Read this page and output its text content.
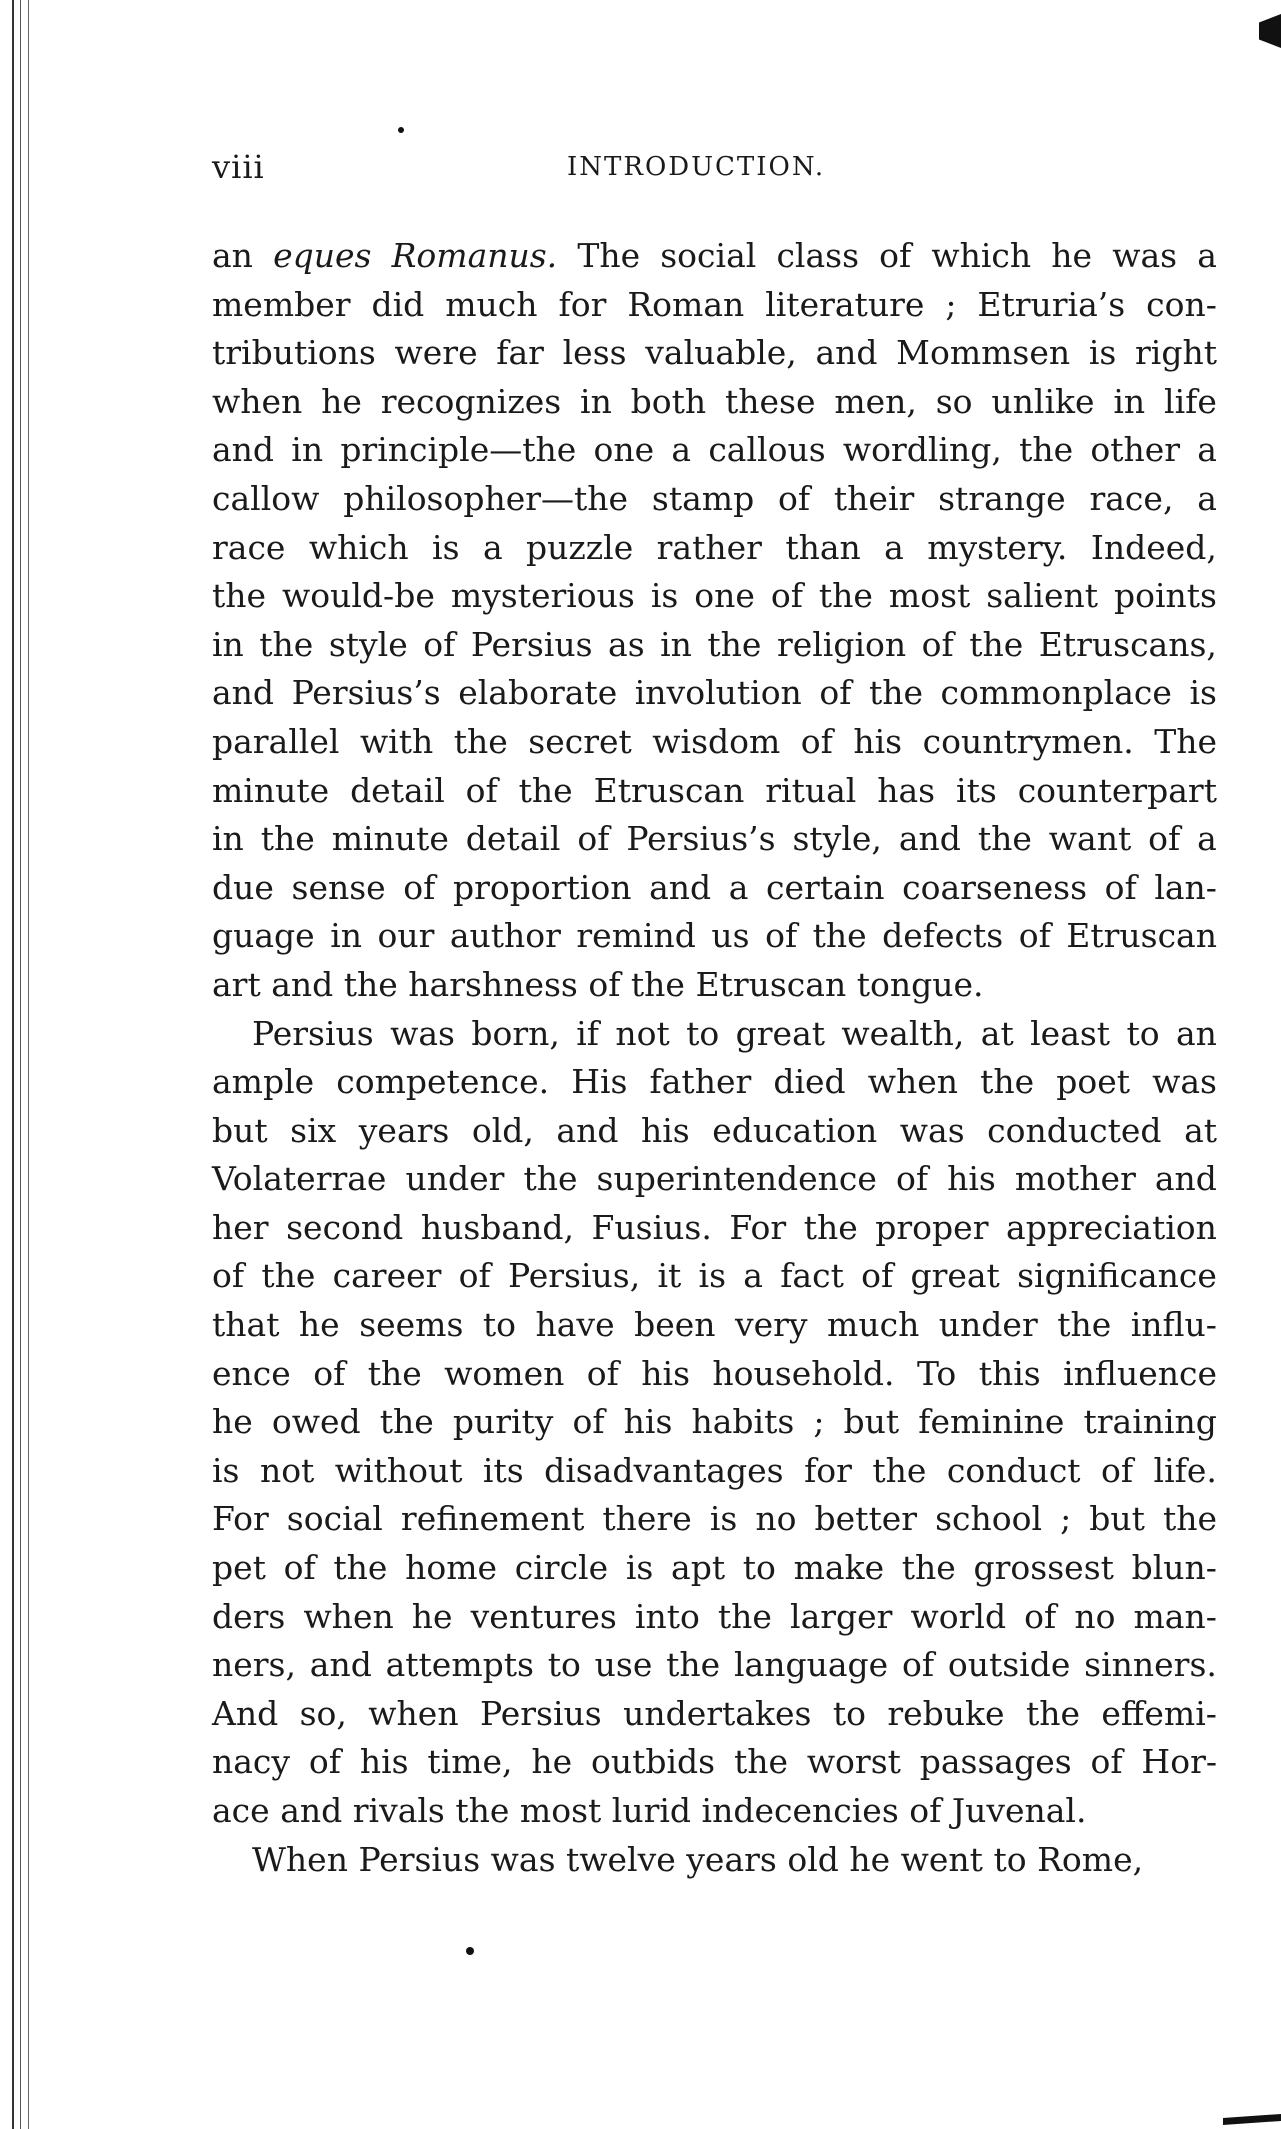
viii	INTRODUCTION.
an eques Romanus. The social class of which he was a
member did much for Roman literature ; Etruria’s con-
tributions were far less valuable, and Mommsen is right
when he recognizes in both these men, so unlike in life
and in principle—the one a callous wordling, the other a
callow philosopher—the stamp of their strange race, a
race which is a puzzle rather than a mystery. Indeed,
the would-be mysterious is one of the most salient points
in the style of Persius as in the religion of the Etruscans,
and Persius’s elaborate involution of the commonplace is
parallel with the secret wisdom of his countrymen. The
minute detail of the Etruscan ritual has its counterpart
in the minute detail of Persius’s style, and the want of a
due sense of proportion and a certain coarseness of lan-
guage in our author remind us of the defects of Etruscan
art and the harshness of the Etruscan tongue.
Persius was born, if not to great wealth, at least to an
ample competence. His father died when the poet was
but six years old, and his education was conducted at
Volaterrae under the superintendence of his mother and
her second husband, Fusius. For the proper appreciation
of the career of Persius, it is a fact of great significance
that he seems to have been very much under the influ-
ence of the women of his household. To this influence
he owed the purity of his habits ; but feminine training
is not without its disadvantages for the conduct of life.
For social refinement there is no better school ; but the
pet of the home circle is apt to make the grossest blun-
ders when he ventures into the larger world of no man-
ners, and attempts to use the language of outside sinners.
And so, when Persius undertakes to rebuke the effemi-
nacy of his time, he outbids the worst passages of Hor-
ace and rivals the most lurid indecencies of Juvenal.
When Persius was twelve years old he went to Rome,
